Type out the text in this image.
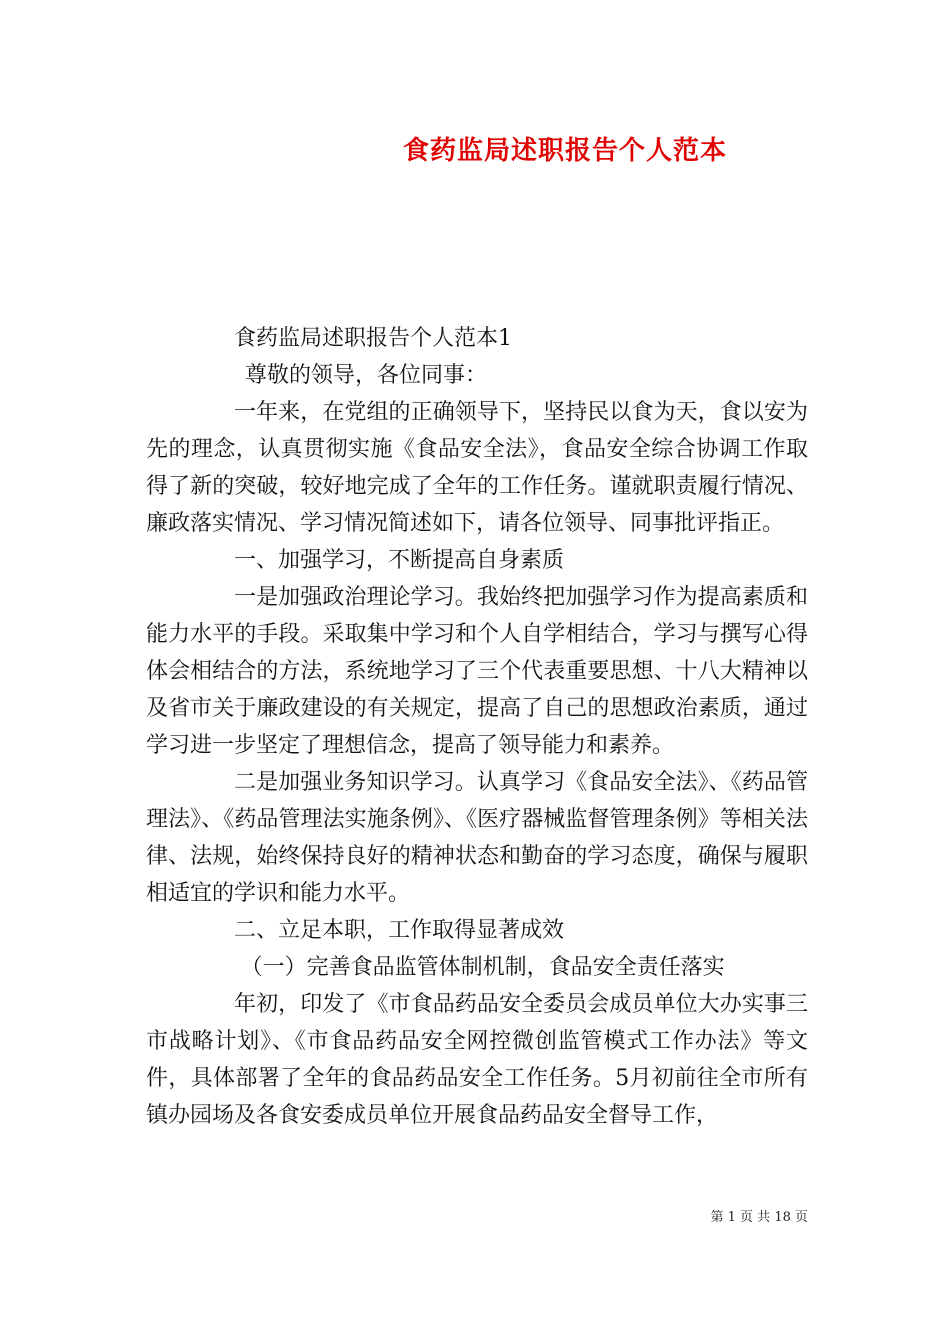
食药监局述职报告个人范本

食药监局述职报告个人范本1

尊敬的领导，各位同事：

一年来，在党组的正确领导下，坚持民以食为天，食以安为先的理念，认真贯彻实施《食品安全法》，食品安全综合协调工作取得了新的突破，较好地完成了全年的工作任务。谨就职责履行情况、廉政落实情况、学习情况简述如下，请各位领导、同事批评指正。

一、加强学习，不断提高自身素质

一是加强政治理论学习。我始终把加强学习作为提高素质和能力水平的手段。采取集中学习和个人自学相结合，学习与撰写心得体会相结合的方法，系统地学习了三个代表重要思想、十八大精神以及省市关于廉政建设的有关规定，提高了自己的思想政治素质，通过学习进一步坚定了理想信念，提高了领导能力和素养。

二是加强业务知识学习。认真学习《食品安全法》、《药品管理法》、《药品管理法实施条例》、《医疗器械监督管理条例》等相关法律、法规，始终保持良好的精神状态和勤奋的学习态度，确保与履职相适宜的学识和能力水平。

二、立足本职，工作取得显著成效

（一）完善食品监管体制机制，食品安全责任落实

年初，印发了《市食品药品安全委员会成员单位大办实事三市战略计划》、《市食品药品安全网控微创监管模式工作办法》等文件，具体部署了全年的食品药品安全工作任务。5月初前往全市所有镇办园场及各食安委成员单位开展食品药品安全督导工作，

第 1 页 共 18 页
